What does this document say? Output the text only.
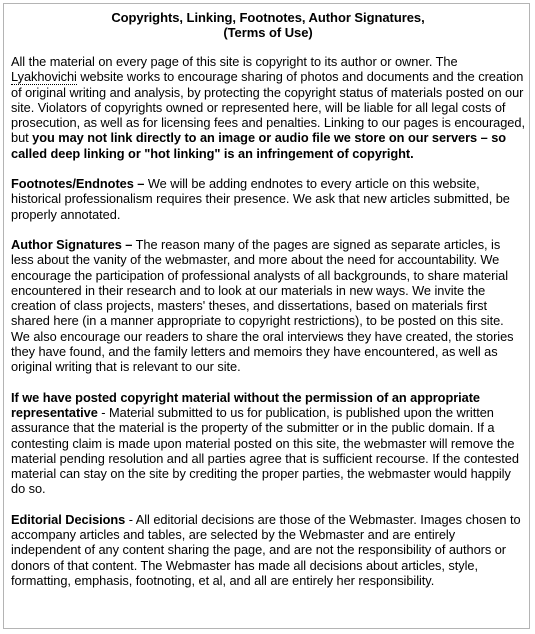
Copyrights, Linking, Footnotes, Author Signatures,
(Terms of Use)

All the material on every page of this site is copyright to its author or owner. The Lyakhovichi website works to encourage sharing of photos and documents and the creation of original writing and analysis, by protecting the copyright status of materials posted on our site. Violators of copyrights owned or represented here, will be liable for all legal costs of prosecution, as well as for licensing fees and penalties. Linking to our pages is encouraged, but you may not link directly to an image or audio file we store on our servers – so called deep linking or "hot linking" is an infringement of copyright.

Footnotes/Endnotes – We will be adding endnotes to every article on this website, historical professionalism requires their presence. We ask that new articles submitted, be properly annotated.

Author Signatures – The reason many of the pages are signed as separate articles, is less about the vanity of the webmaster, and more about the need for accountability. We encourage the participation of professional analysts of all backgrounds, to share material encountered in their research and to look at our materials in new ways. We invite the creation of class projects, masters' theses, and dissertations, based on materials first shared here (in a manner appropriate to copyright restrictions), to be posted on this site. We also encourage our readers to share the oral interviews they have created, the stories they have found, and the family letters and memoirs they have encountered, as well as original writing that is relevant to our site.

If we have posted copyright material without the permission of an appropriate representative - Material submitted to us for publication, is published upon the written assurance that the material is the property of the submitter or in the public domain. If a contesting claim is made upon material posted on this site, the webmaster will remove the material pending resolution and all parties agree that is sufficient recourse. If the contested material can stay on the site by crediting the proper parties, the webmaster would happily do so.

Editorial Decisions - All editorial decisions are those of the Webmaster. Images chosen to accompany articles and tables, are selected by the Webmaster and are entirely independent of any content sharing the page, and are not the responsibility of authors or donors of that content. The Webmaster has made all decisions about articles, style, formatting, emphasis, footnoting, et al, and all are entirely her responsibility.
